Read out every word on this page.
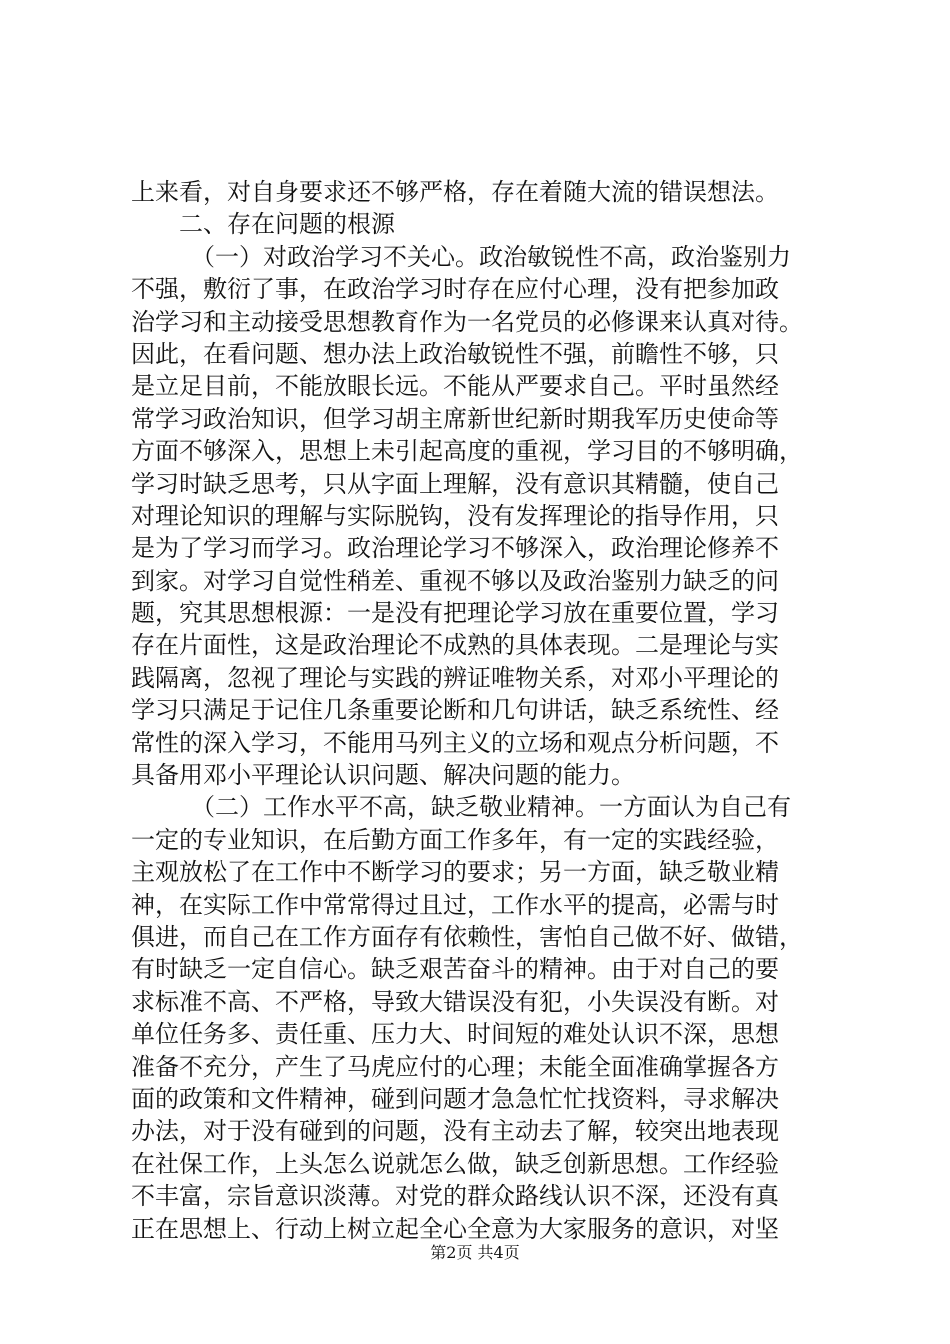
上来看，对自身要求还不够严格，存在着随大流的错误想法。
二、存在问题的根源
（一）对政治学习不关心。政治敏锐性不高，政治鉴别力
不强，敷衍了事，在政治学习时存在应付心理，没有把参加政
治学习和主动接受思想教育作为一名党员的必修课来认真对待。
因此，在看问题、想办法上政治敏锐性不强，前瞻性不够，只
是立足目前，不能放眼长远。不能从严要求自己。平时虽然经
常学习政治知识，但学习胡主席新世纪新时期我军历史使命等
方面不够深入，思想上未引起高度的重视，学习目的不够明确，
学习时缺乏思考，只从字面上理解，没有意识其精髓，使自己
对理论知识的理解与实际脱钩，没有发挥理论的指导作用，只
是为了学习而学习。政治理论学习不够深入，政治理论修养不
到家。对学习自觉性稍差、重视不够以及政治鉴别力缺乏的问
题，究其思想根源：一是没有把理论学习放在重要位置，学习
存在片面性，这是政治理论不成熟的具体表现。二是理论与实
践隔离，忽视了理论与实践的辨证唯物关系，对邓小平理论的
学习只满足于记住几条重要论断和几句讲话，缺乏系统性、经
常性的深入学习，不能用马列主义的立场和观点分析问题，不
具备用邓小平理论认识问题、解决问题的能力。
（二）工作水平不高，缺乏敬业精神。一方面认为自己有
一定的专业知识，在后勤方面工作多年，有一定的实践经验，
主观放松了在工作中不断学习的要求；另一方面，缺乏敬业精
神，在实际工作中常常得过且过，工作水平的提高，必需与时
俱进，而自己在工作方面存有依赖性，害怕自己做不好、做错，
有时缺乏一定自信心。缺乏艰苦奋斗的精神。由于对自己的要
求标准不高、不严格，导致大错误没有犯，小失误没有断。对
单位任务多、责任重、压力大、时间短的难处认识不深，思想
准备不充分，产生了马虎应付的心理；未能全面准确掌握各方
面的政策和文件精神，碰到问题才急急忙忙找资料，寻求解决
办法，对于没有碰到的问题，没有主动去了解，较突出地表现
在社保工作，上头怎么说就怎么做，缺乏创新思想。工作经验
不丰富，宗旨意识淡薄。对党的群众路线认识不深，还没有真
正在思想上、行动上树立起全心全意为大家服务的意识，对坚
第2页 共4页
